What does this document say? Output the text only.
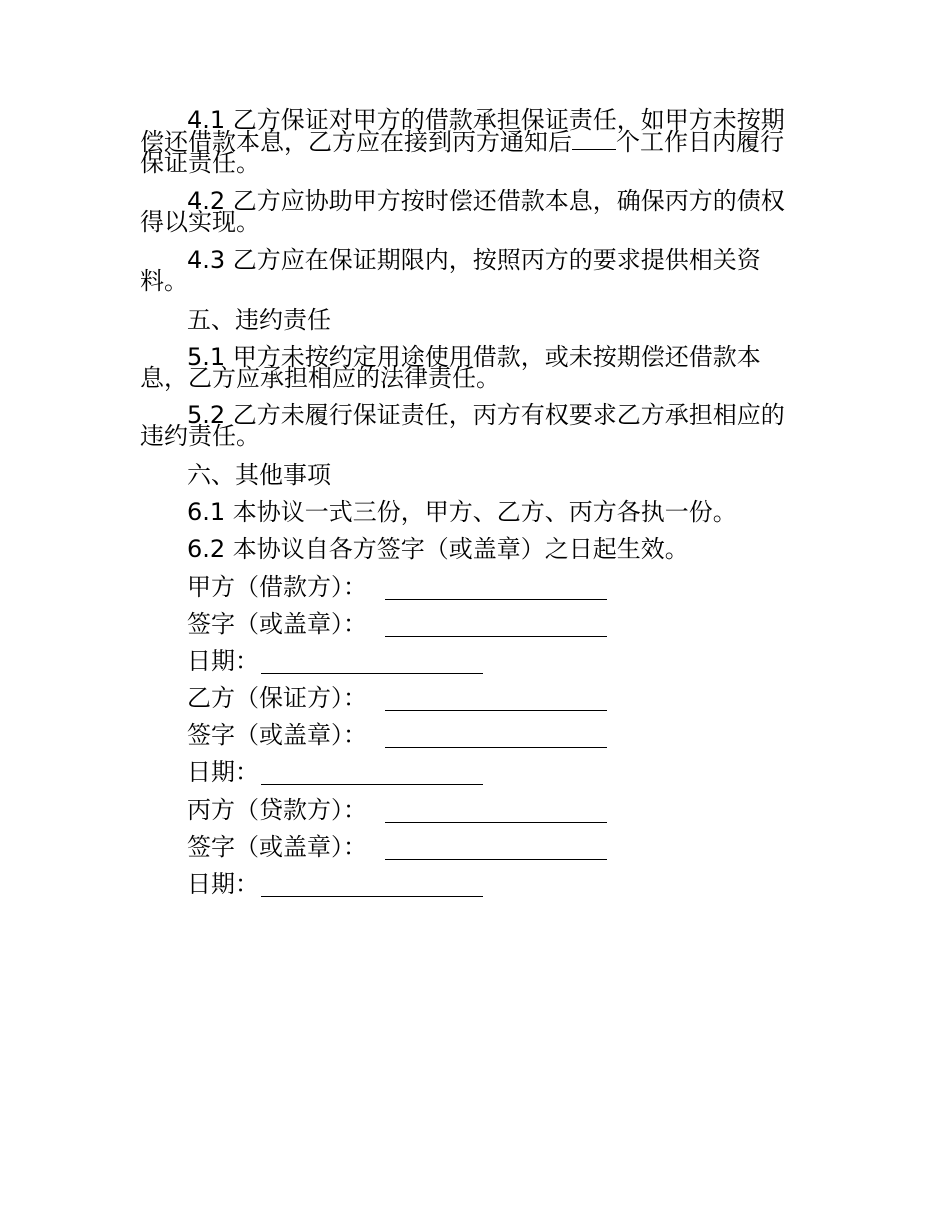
4.1 乙方保证对甲方的借款承担保证责任，如甲方未按期偿还借款本息，乙方应在接到丙方通知后 个工作日内履行保证责任。
4.2 乙方应协助甲方按时偿还借款本息，确保丙方的债权得以实现。
4.3 乙方应在保证期限内，按照丙方的要求提供相关资料。
五、违约责任
5.1 甲方未按约定用途使用借款，或未按期偿还借款本息，乙方应承担相应的法律责任。
5.2 乙方未履行保证责任，丙方有权要求乙方承担相应的违约责任。
六、其他事项
6.1 本协议一式三份，甲方、乙方、丙方各执一份。
6.2 本协议自各方签字（或盖章）之日起生效。
甲方（借款方）：
签字（或盖章）：
日期：
乙方（保证方）：
签字（或盖章）：
日期：
丙方（贷款方）：
签字（或盖章）：
日期：
